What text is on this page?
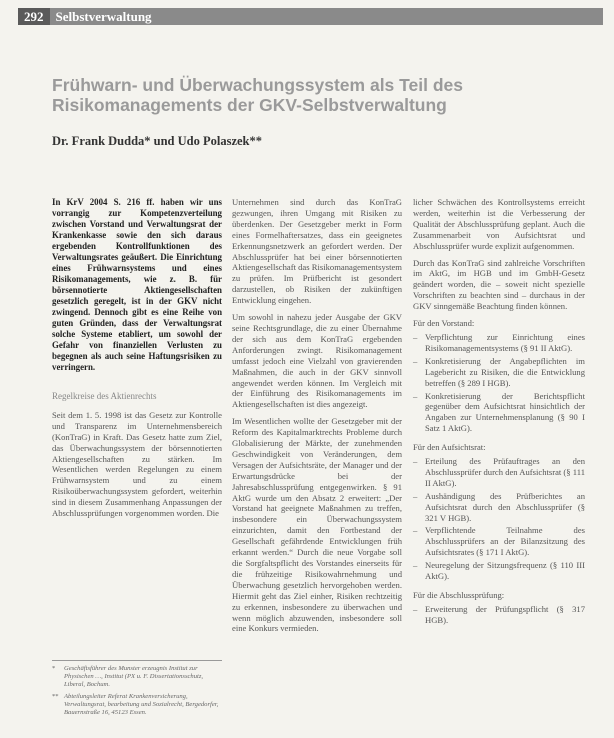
292 Selbstverwaltung
Frühwarn- und Überwachungssystem als Teil des Risikomanagements der GKV-Selbstverwaltung
Dr. Frank Dudda* und Udo Polaszek**

In KrV 2004 S. 216 ff. haben wir uns vorrangig zur Kompetenzverteilung zwischen Vorstand und Verwaltungsrat der Krankenkasse sowie den sich daraus ergebenden Kontrollfunktionen des Verwaltungsrates geäußert. Die Einrichtung eines Frühwarnsystems und eines Risikomanagements, wie z. B. für börsennotierte Aktiengesellschaften gesetzlich geregelt, ist in der GKV nicht zwingend. Dennoch gibt es eine Reihe von guten Gründen, dass der Verwaltungsrat solche Systeme etabliert, um sowohl der Gefahr von finanziellen Verlusten zu begegnen als auch seine Haftungsrisiken zu verringern.

Regelkreise des Aktienrechts

Seit dem 1. 5. 1998 ist das Gesetz zur Kontrolle und Transparenz im Unternehmensbereich (KonTraG) in Kraft. Das Gesetz hatte zum Ziel, das Überwachungssystem der börsennotierten Aktiengesellschaften zu stärken. Im Wesentlichen werden Regelungen zu einem Frühwarnsystem und zu einem Risikoüberwachungssystem gefordert, weiterhin sind in diesem Zusammenhang Anpassungen der Abschlussprüfungen vorgenommen worden. Die

*	Geschäftsführer des Munster erzeugnis Institut zur Physischen …, Institut (PX u. F. Dissertationsschutz, Liberal, Bochum.
** Abteilungsleiter Referat Krankenversicherung, Verwaltungsrat, bearbeitung und Sozialrecht, Bergedorfer, Bauernstraße 16, 45123 Essen.

Unternehmen sind durch das KonTraG gezwungen, ihren Umgang mit Risiken zu überdenken. Der Gesetzgeber merkt in Form eines Formelhaftersatzes, dass ein geeignetes Erkennungsnetzwerk an gefordert werden. Der Abschlussprüfer hat bei einer börsennotierten Aktiengesellschaft das Risikomanagementsystem zu prüfen. Im Prüfbericht ist gesondert darzustellen, ob Risiken der zukünftigen Entwicklung eingehen.

Um sowohl in nahezu jeder Ausgabe der GKV seine Rechtsgrundlage, die zu einer Übernahme der sich aus dem KonTraG ergebenden Anforderungen zwingt. Risikomanagement umfasst jedoch eine Vielzahl von gravierenden Maßnahmen, die auch in der GKV sinnvoll angewendet werden können. Im Vergleich mit der Einführung des Risikomanagements im Aktiengesellschaften ist dies angezeigt.

Im Wesentlichen wollte der Gesetzgeber mit der Reform des Kapitalmarktrechts Probleme durch Globalisierung der Märkte, der zunehmenden Geschwindigkeit von Veränderungen, dem Versagen der Aufsichtsräte, der Manager und der Erwartungsdrücke bei der Jahresabschlussprüfung entgegenwirken. § 91 AktG wurde um den Absatz 2 erweitert: „Der Vorstand hat geeignete Maßnahmen zu treffen, insbesondere ein Überwachungssystem einzurichten, damit den Fortbestand der Gesellschaft gefährdende Entwicklungen früh erkannt werden.“ Durch die neue Vorgabe soll die Sorgfaltspflicht des Vorstandes einerseits für die frühzeitige Risikowahrnehmung und Überwachung gesetzlich hervorgehoben werden. Hiermit geht das Ziel einher, Risiken rechtzeitig zu erkennen, insbesondere zu überwachen und wenn möglich abzuwenden, insbesondere soll eine Konkurs vermieden.

licher Schwächen des Kontrollsystems erreicht werden, weiterhin ist die Verbesserung der Qualität der Abschlussprüfung geplant. Auch die Zusammenarbeit von Aufsichtsrat und Abschlussprüfer wurde explizit aufgenommen.

Durch das KonTraG sind zahlreiche Vorschriften im AktG, im HGB und im GmbH-Gesetz geändert worden, die – soweit nicht spezielle Vorschriften zu beachten sind – durchaus in der GKV sinngemäße Beachtung finden können.

Für den Vorstand:

– Verpflichtung zur Einrichtung eines Risikomanagementsystems (§ 91 II AktG).
– Konkretisierung der Angabepflichten im Lagebericht zu Risiken, die die Entwicklung betreffen (§ 289 I HGB).
– Konkretisierung der Berichtspflicht gegenüber dem Aufsichtsrat hinsichtlich der Angaben zur Unternehmensplanung (§ 90 I Satz 1 AktG).

Für den Aufsichtsrat:

– Erteilung des Prüfauftrages an den Abschlussprüfer durch den Aufsichtsrat (§ 111 II AktG).
– Aushändigung des Prüfberichtes an Aufsichtsrat durch den Abschlussprüfer (§ 321 V HGB).
– Verpflichtende Teilnahme des Abschlussprüfers an der Bilanzsitzung des Aufsichtsrates (§ 171 I AktG).
– Neuregelung der Sitzungsfrequenz (§ 110 III AktG).

Für die Abschlussprüfung:

– Erweiterung der Prüfungspflicht (§ 317 HGB).
